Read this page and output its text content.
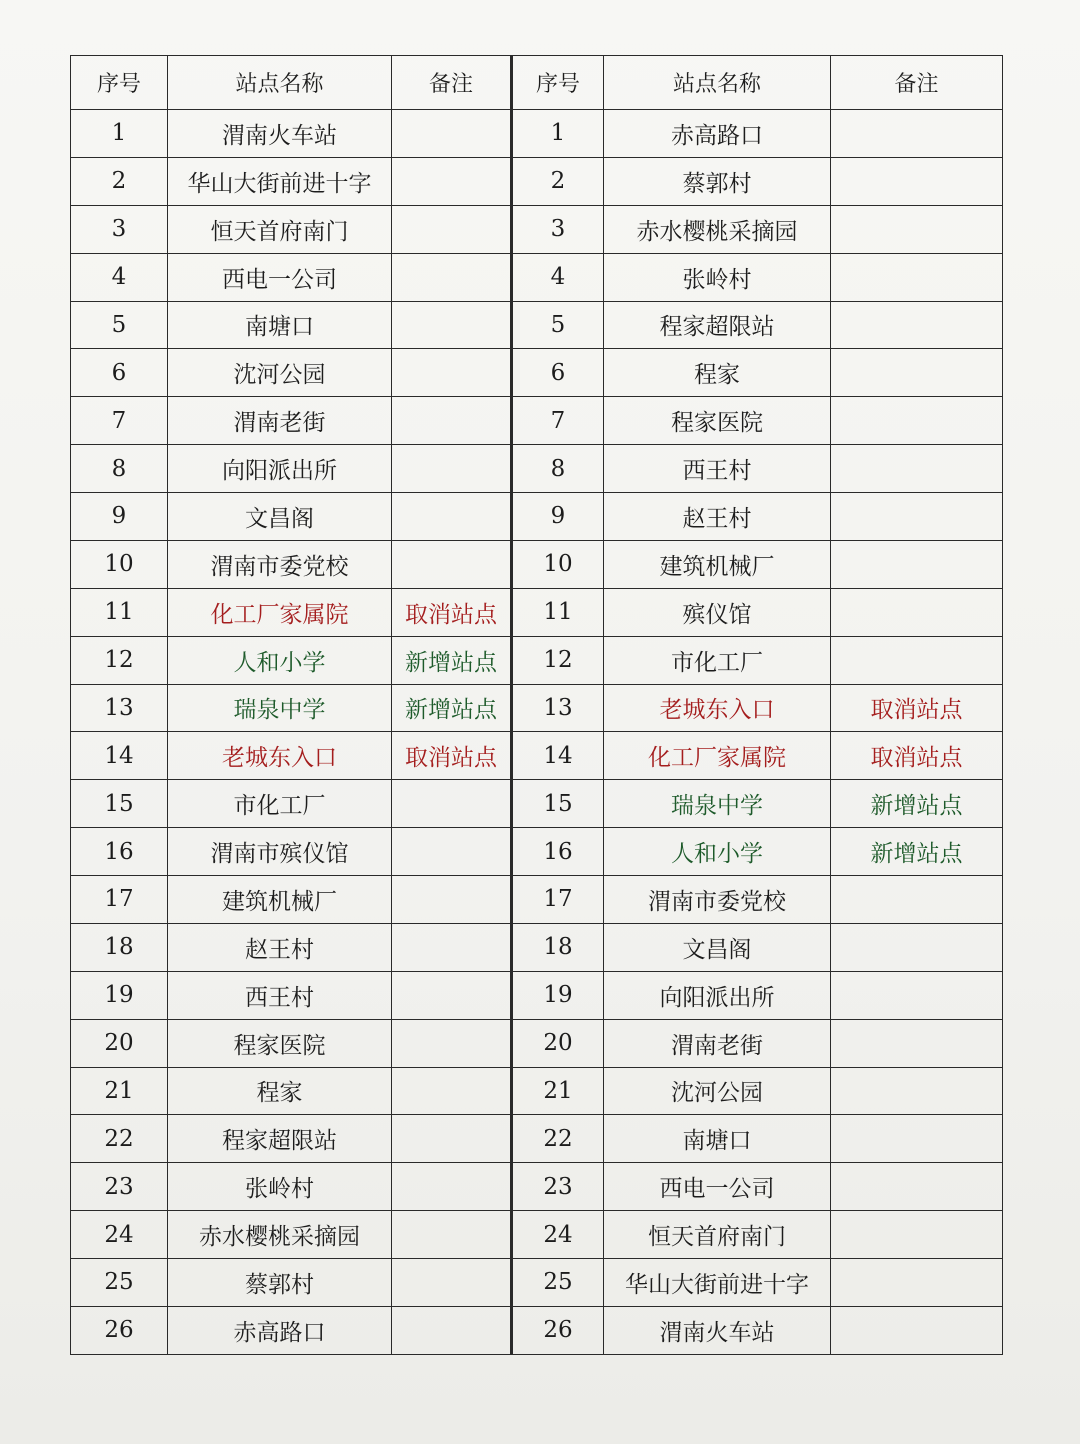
序号	站点名称	备注	序号	站点名称	备注
1	渭南火车站		1	赤高路口	
2	华山大街前进十字		2	蔡郭村	
3	恒天首府南门		3	赤水樱桃采摘园	
4	西电一公司		4	张岭村	
5	南塘口		5	程家超限站	
6	沈河公园		6	程家	
7	渭南老街		7	程家医院	
8	向阳派出所		8	西王村	
9	文昌阁		9	赵王村	
10	渭南市委党校		10	建筑机械厂	
11	化工厂家属院	取消站点	11	殡仪馆	
12	人和小学	新增站点	12	市化工厂	
13	瑞泉中学	新增站点	13	老城东入口	取消站点
14	老城东入口	取消站点	14	化工厂家属院	取消站点
15	市化工厂		15	瑞泉中学	新增站点
16	渭南市殡仪馆		16	人和小学	新增站点
17	建筑机械厂		17	渭南市委党校	
18	赵王村		18	文昌阁	
19	西王村		19	向阳派出所	
20	程家医院		20	渭南老街	
21	程家		21	沈河公园	
22	程家超限站		22	南塘口	
23	张岭村		23	西电一公司	
24	赤水樱桃采摘园		24	恒天首府南门	
25	蔡郭村		25	华山大街前进十字	
26	赤高路口		26	渭南火车站	
